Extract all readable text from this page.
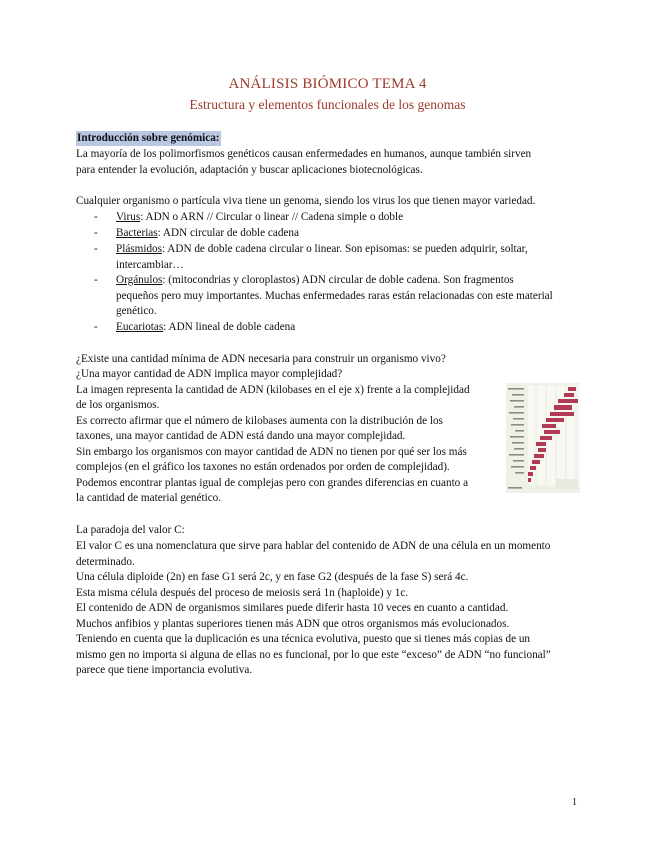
ANÁLISIS BIÓMICO TEMA 4
Estructura y elementos funcionales de los genomas
Introducción sobre genómica:
La mayoría de los polimorfismos genéticos causan enfermedades en humanos, aunque también sirven
para entender la evolución, adaptación y buscar aplicaciones biotecnológicas.
Cualquier organismo o partícula viva tiene un genoma, siendo los virus los que tienen mayor variedad.
- Virus: ADN o ARN // Circular o linear // Cadena simple o doble
- Bacterias: ADN circular de doble cadena
- Plásmidos: ADN de doble cadena circular o linear. Son episomas: se pueden adquirir, soltar,
intercambiar…
- Orgánulos: (mitocondrias y cloroplastos) ADN circular de doble cadena. Son fragmentos
pequeños pero muy importantes. Muchas enfermedades raras están relacionadas con este material
genético.
- Eucariotas: ADN lineal de doble cadena
¿Existe una cantidad mínima de ADN necesaria para construir un organismo vivo?
¿Una mayor cantidad de ADN implica mayor complejidad?
La imagen representa la cantidad de ADN (kilobases en el eje x) frente a la complejidad
de los organismos.
Es correcto afirmar que el número de kilobases aumenta con la distribución de los
taxones, una mayor cantidad de ADN está dando una mayor complejidad.
Sin embargo los organismos con mayor cantidad de ADN no tienen por qué ser los más
complejos (en el gráfico los taxones no están ordenados por orden de complejidad).
Podemos encontrar plantas igual de complejas pero con grandes diferencias en cuanto a
la cantidad de material genético.
La paradoja del valor C:
El valor C es una nomenclatura que sirve para hablar del contenido de ADN de una célula en un momento
determinado.
Una célula diploide (2n) en fase G1 será 2c, y en fase G2 (después de la fase S) será 4c.
Esta misma célula después del proceso de meiosis será 1n (haploide) y 1c.
El contenido de ADN de organismos similares puede diferir hasta 10 veces en cuanto a cantidad.
Muchos anfibios y plantas superiores tienen más ADN que otros organismos más evolucionados.
Teniendo en cuenta que la duplicación es una técnica evolutiva, puesto que si tienes más copias de un
mismo gen no importa si alguna de ellas no es funcional, por lo que este “exceso” de ADN “no funcional”
parece que tiene importancia evolutiva.
1
